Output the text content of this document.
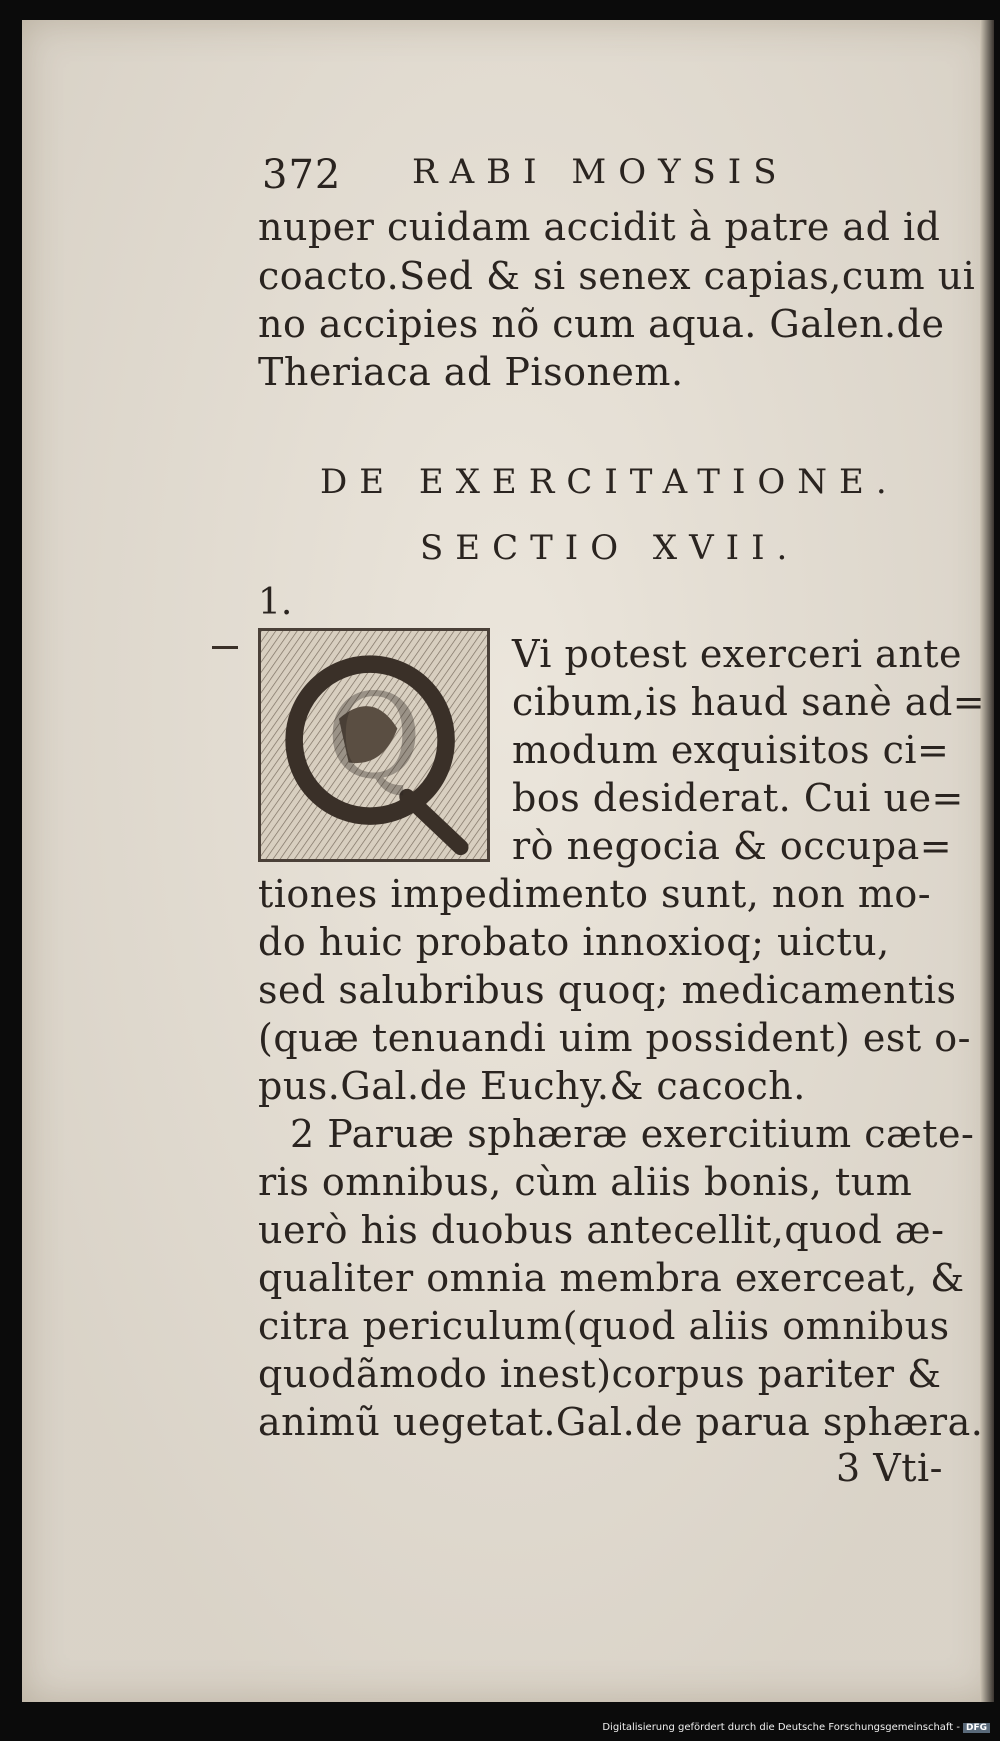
372 RABI MOYSIS
nuper cuidam accidit à patre ad id
coacto.Sed & si senex capias,cum ui
no accipies nõ cum aqua. Galen.de
Theriaca ad Pisonem.
DE EXERCITATIONE.
SECTIO XVII.
1.
Q
Vi potest exerceri ante
cibum,is haud sanè ad=
modum exquisitos ci=
bos desiderat. Cui ue=
rò negocia & occupa=
tiones impedimento sunt, non mo-
do huic probato innoxioq; uictu,
sed salubribus quoq; medicamentis
(quæ tenuandi uim possident) est o-
pus.Gal.de Euchy.& cacoch.
2 Paruæ sphæræ exercitium cæte-
ris omnibus, cùm aliis bonis, tum
uerò his duobus antecellit,quod æ-
qualiter omnia membra exerceat, &
citra periculum(quod aliis omnibus
quodãmodo inest)corpus pariter &
animũ uegetat.Gal.de parua sphæra.
3 Vti-
Digitalisierung gefördert durch die Deutsche Forschungsgemeinschaft - DFG
